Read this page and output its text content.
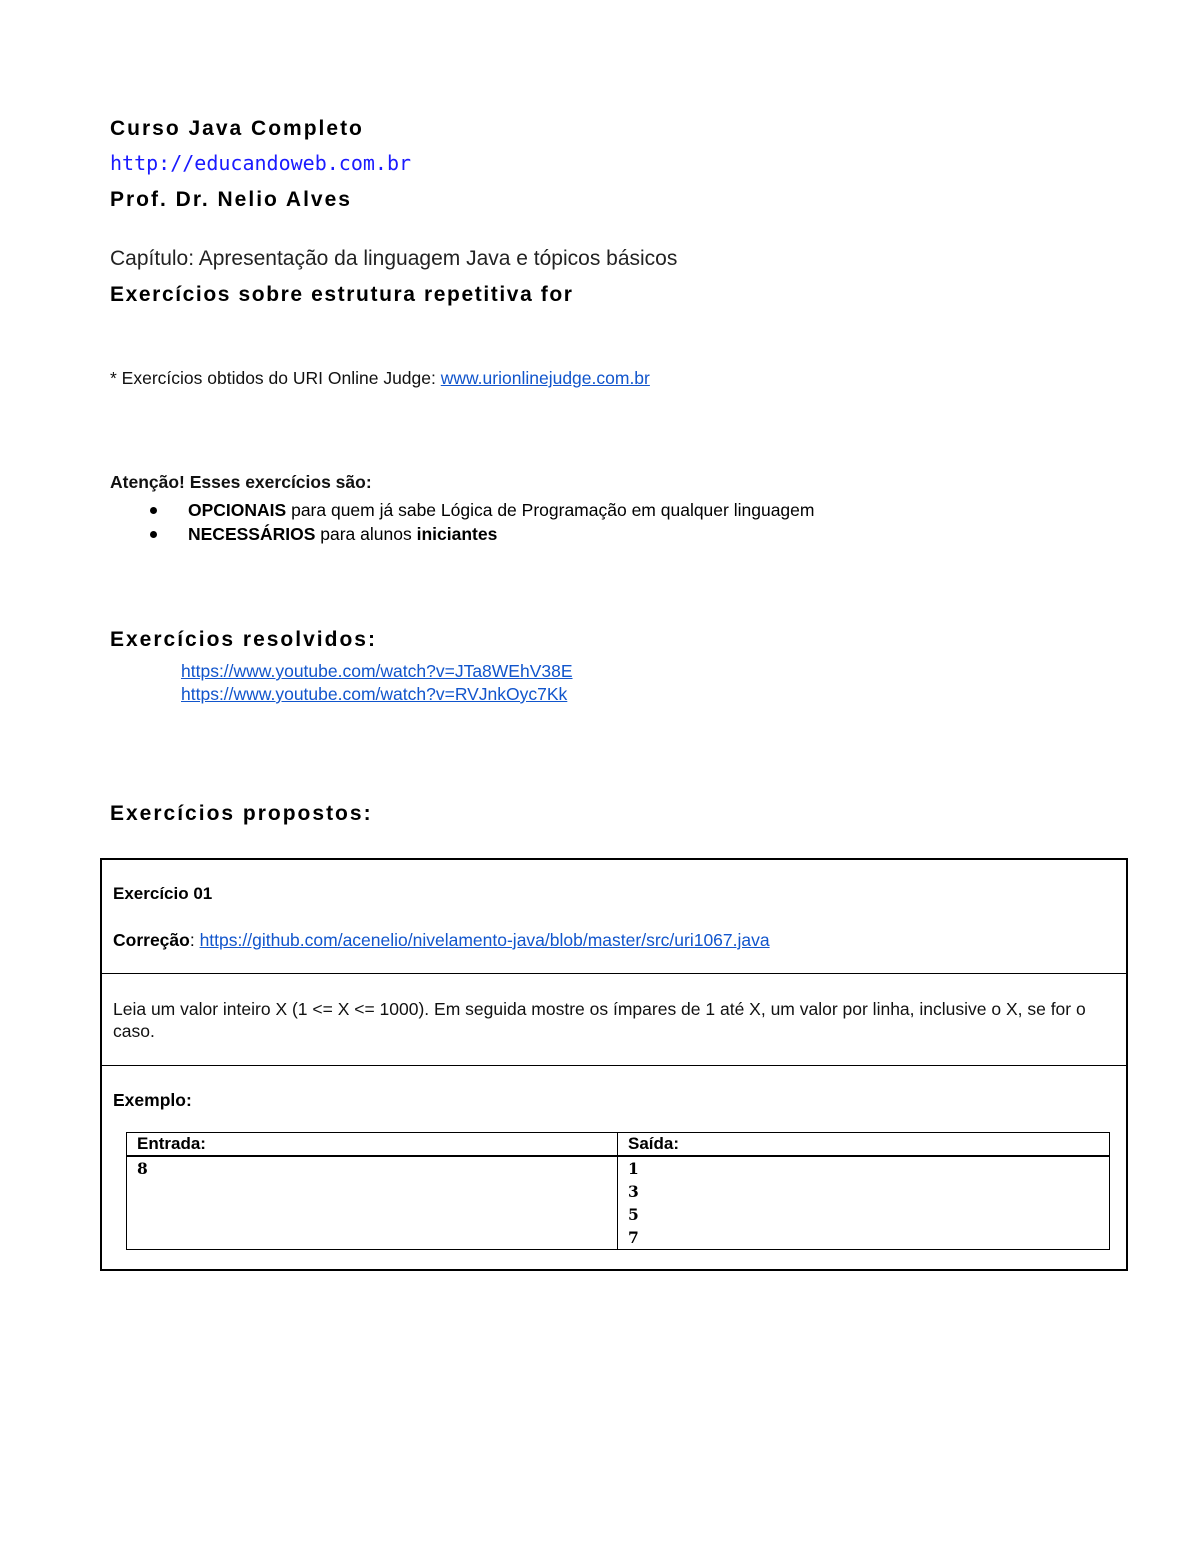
Curso Java Completo
http://educandoweb.com.br
Prof. Dr. Nelio Alves
Capítulo: Apresentação da linguagem Java e tópicos básicos
Exercícios sobre estrutura repetitiva for
* Exercícios obtidos do URI Online Judge: www.urionlinejudge.com.br
Atenção! Esses exercícios são:
OPCIONAIS para quem já sabe Lógica de Programação em qualquer linguagem
NECESSÁRIOS para alunos iniciantes
Exercícios resolvidos:
https://www.youtube.com/watch?v=JTa8WEhV38E
https://www.youtube.com/watch?v=RVJnkOyc7Kk
Exercícios propostos:
Exercício 01
Correção: https://github.com/acenelio/nivelamento-java/blob/master/src/uri1067.java
Leia um valor inteiro X (1 <= X <= 1000). Em seguida mostre os ímpares de 1 até X, um valor por linha, inclusive o X, se for o caso.
Exemplo:
Entrada:	Saída:
8	1
3
5
7
